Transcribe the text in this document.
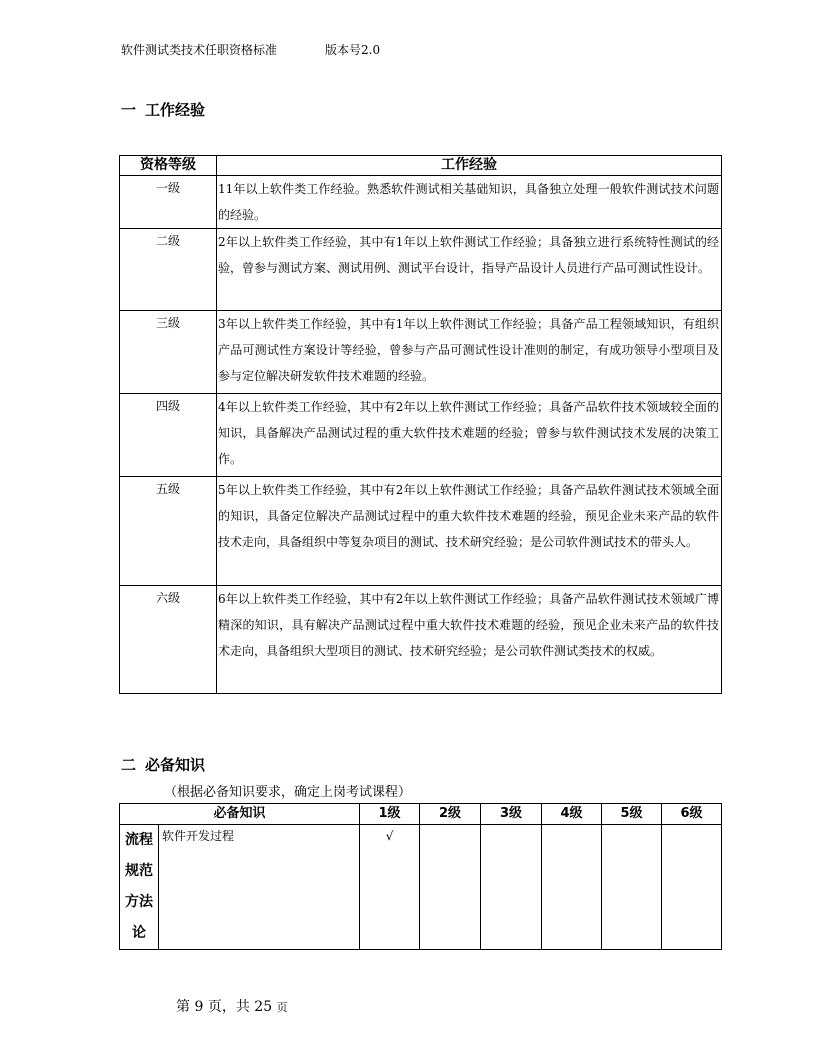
软件测试类技术任职资格标准	版本号2.0
一 工作经验
资格等级	工作经验
一级	11年以上软件类工作经验。熟悉软件测试相关基础知识，具备独立处理一般软件测试技术问题的经验。
二级	2年以上软件类工作经验，其中有1年以上软件测试工作经验；具备独立进行系统特性测试的经验，曾参与测试方案、测试用例、测试平台设计，指导产品设计人员进行产品可测试性设计。
三级	3年以上软件类工作经验，其中有1年以上软件测试工作经验；具备产品工程领域知识，有组织产品可测试性方案设计等经验，曾参与产品可测试性设计准则的制定，有成功领导小型项目及参与定位解决研发软件技术难题的经验。
四级	4年以上软件类工作经验，其中有2年以上软件测试工作经验；具备产品软件技术领域较全面的知识，具备解决产品测试过程的重大软件技术难题的经验；曾参与软件测试技术发展的决策工作。
五级	5年以上软件类工作经验，其中有2年以上软件测试工作经验；具备产品软件测试技术领域全面的知识，具备定位解决产品测试过程中的重大软件技术难题的经验，预见企业未来产品的软件技术走向，具备组织中等复杂项目的测试、技术研究经验；是公司软件测试技术的带头人。
六级	6年以上软件类工作经验，其中有2年以上软件测试工作经验；具备产品软件测试技术领域广博精深的知识，具有解决产品测试过程中重大软件技术难题的经验，预见企业未来产品的软件技术走向，具备组织大型项目的测试、技术研究经验；是公司软件测试类技术的权威。
二 必备知识
（根据必备知识要求，确定上岗考试课程）
必备知识		1级	2级	3级	4级	5级	6级

流程规范方法论	软件开发过程	√					
第 9 页，共 25 页
